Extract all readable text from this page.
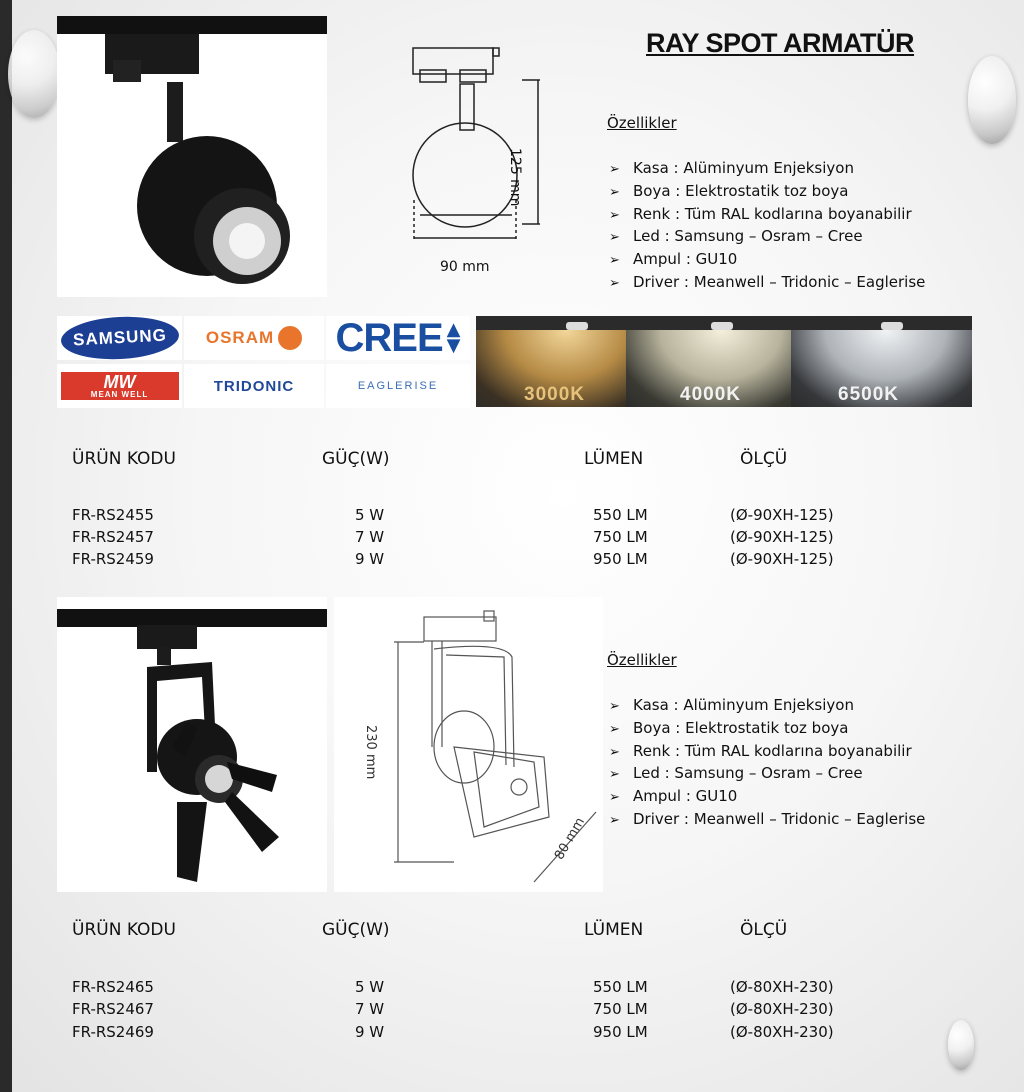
125 mm
90 mm
RAY SPOT ARMATÜR
Özellikler
➢ Kasa : Alüminyum Enjeksiyon
➢ Boya : Elektrostatik toz boya
➢ Renk : Tüm RAL kodlarına boyanabilir
➢ Led : Samsung – Osram – Cree
➢ Ampul : GU10
➢ Driver : Meanwell – Tridonic – Eaglerise
SAMSUNG	OSRAM CREE ▲
▼
MW
MEAN WELL	TRIDONIC	EAGLERISE	3000K	4000K	6500K
ÜRÜN KODU	GÜÇ(W)	LÜMEN	ÖLÇÜ
FR-RS2455	5 W	550 LM	(Ø-90XH-125)
FR-RS2457	7 W	750 LM	(Ø-90XH-125)
FR-RS2459	9 W	950 LM	(Ø-90XH-125)
230 mm
80 mm
Özellikler
➢ Kasa : Alüminyum Enjeksiyon
➢ Boya : Elektrostatik toz boya
➢ Renk : Tüm RAL kodlarına boyanabilir
➢ Led : Samsung – Osram – Cree
➢ Ampul : GU10
➢ Driver : Meanwell – Tridonic – Eaglerise
ÜRÜN KODU	GÜÇ(W)	LÜMEN	ÖLÇÜ
FR-RS2465	5 W	550 LM	(Ø-80XH-230)
FR-RS2467	7 W	750 LM	(Ø-80XH-230)
FR-RS2469	9 W	950 LM	(Ø-80XH-230)
